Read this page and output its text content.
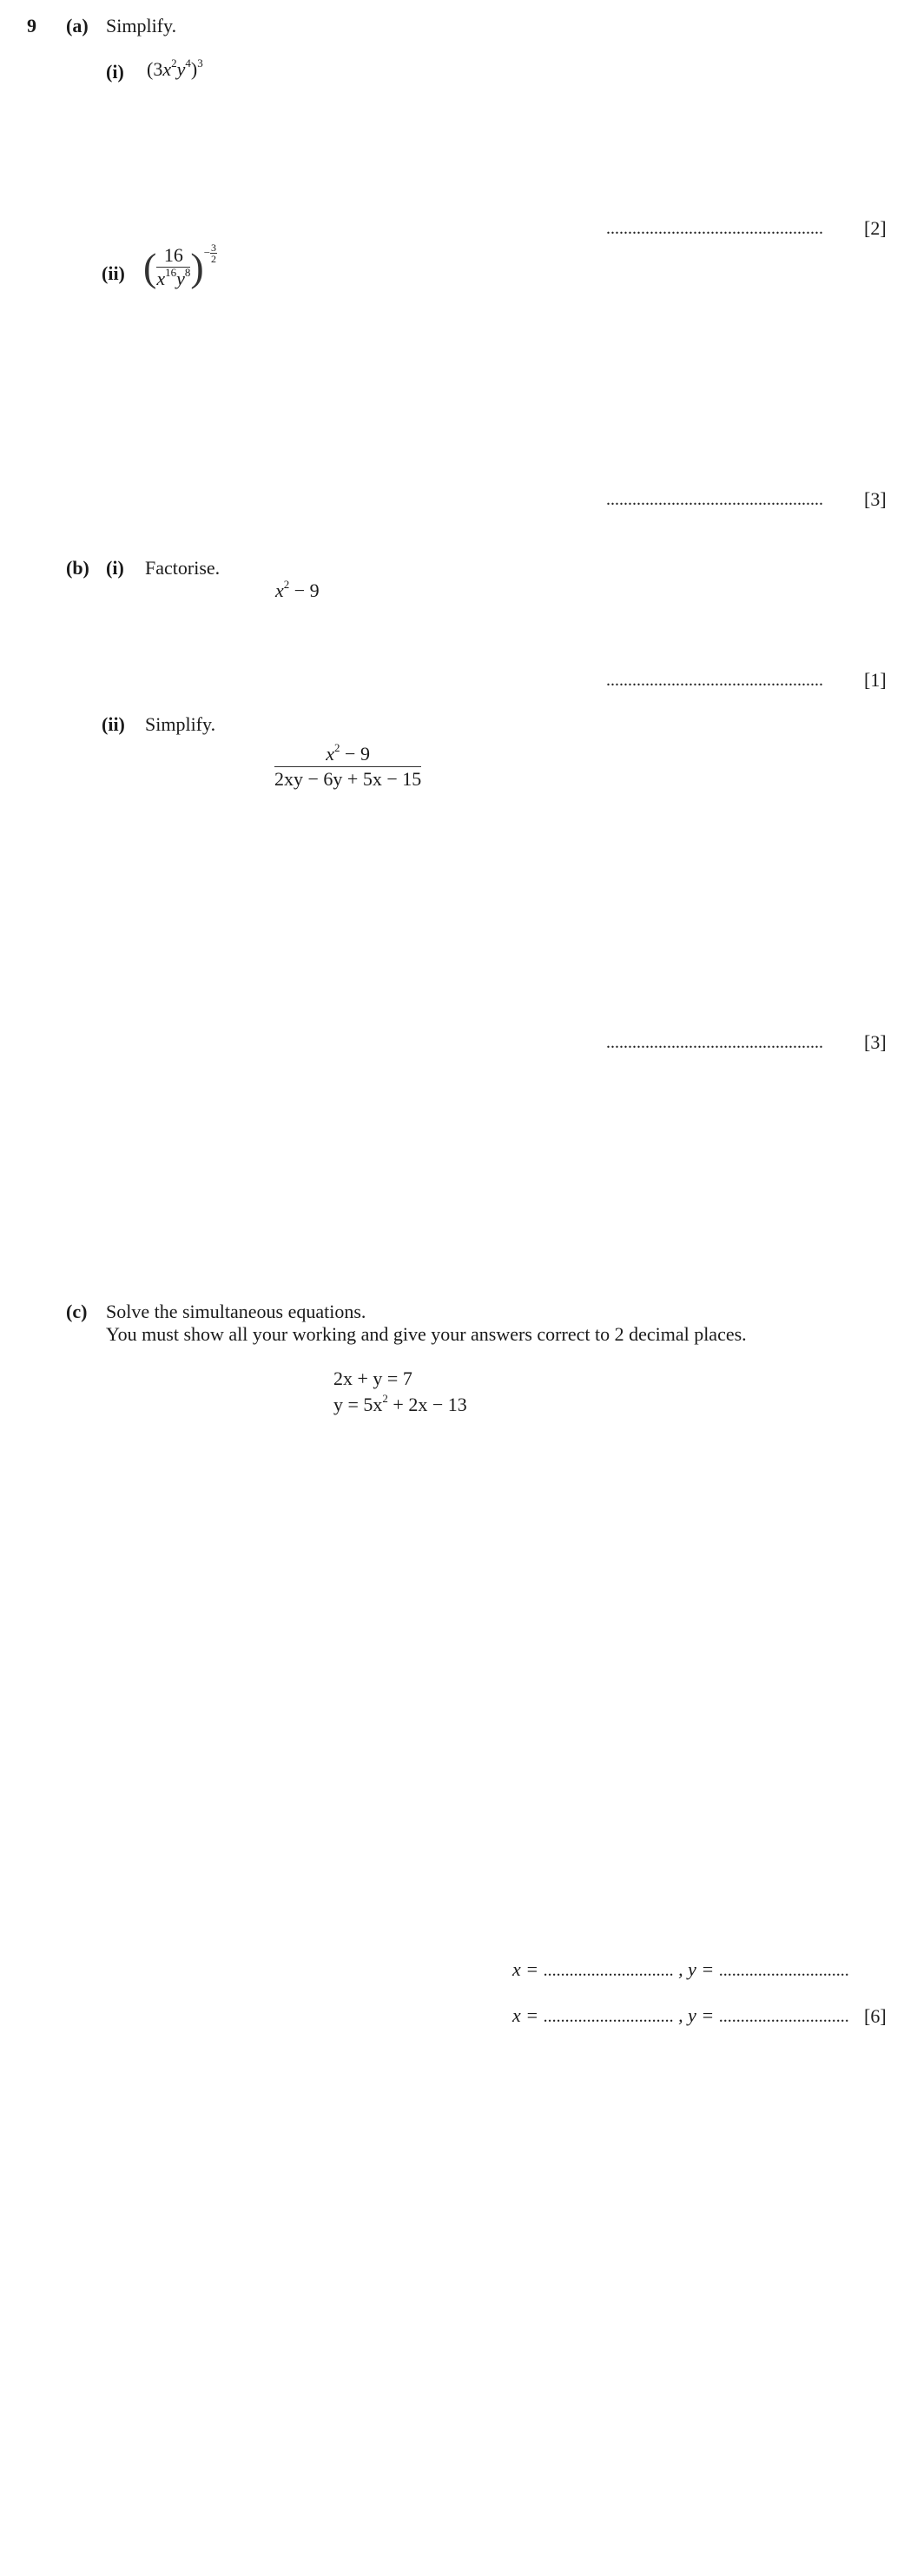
9 (a) Simplify.
(i) $(3x^2y^4)^3$
.................................................. [2]
(ii) ( $\frac{16}{x^{16}y^8}$ ) − $\frac{3}{2}$
.................................................. [3]
(b) (i) Factorise.
$x^2 - 9$
.................................................. [1]
(ii) Simplify.
$\frac{x^2 - 9}{2xy - 6y + 5x - 15}$
.................................................. [3]
(c) Solve the simultaneous equations.
You must show all your working and give your answers correct to 2 decimal places.
2x + y = 7
$y = 5x^2 + 2x - 13$
x = .............................. , y = ..............................
x = .............................. , y = .............................. [6]
